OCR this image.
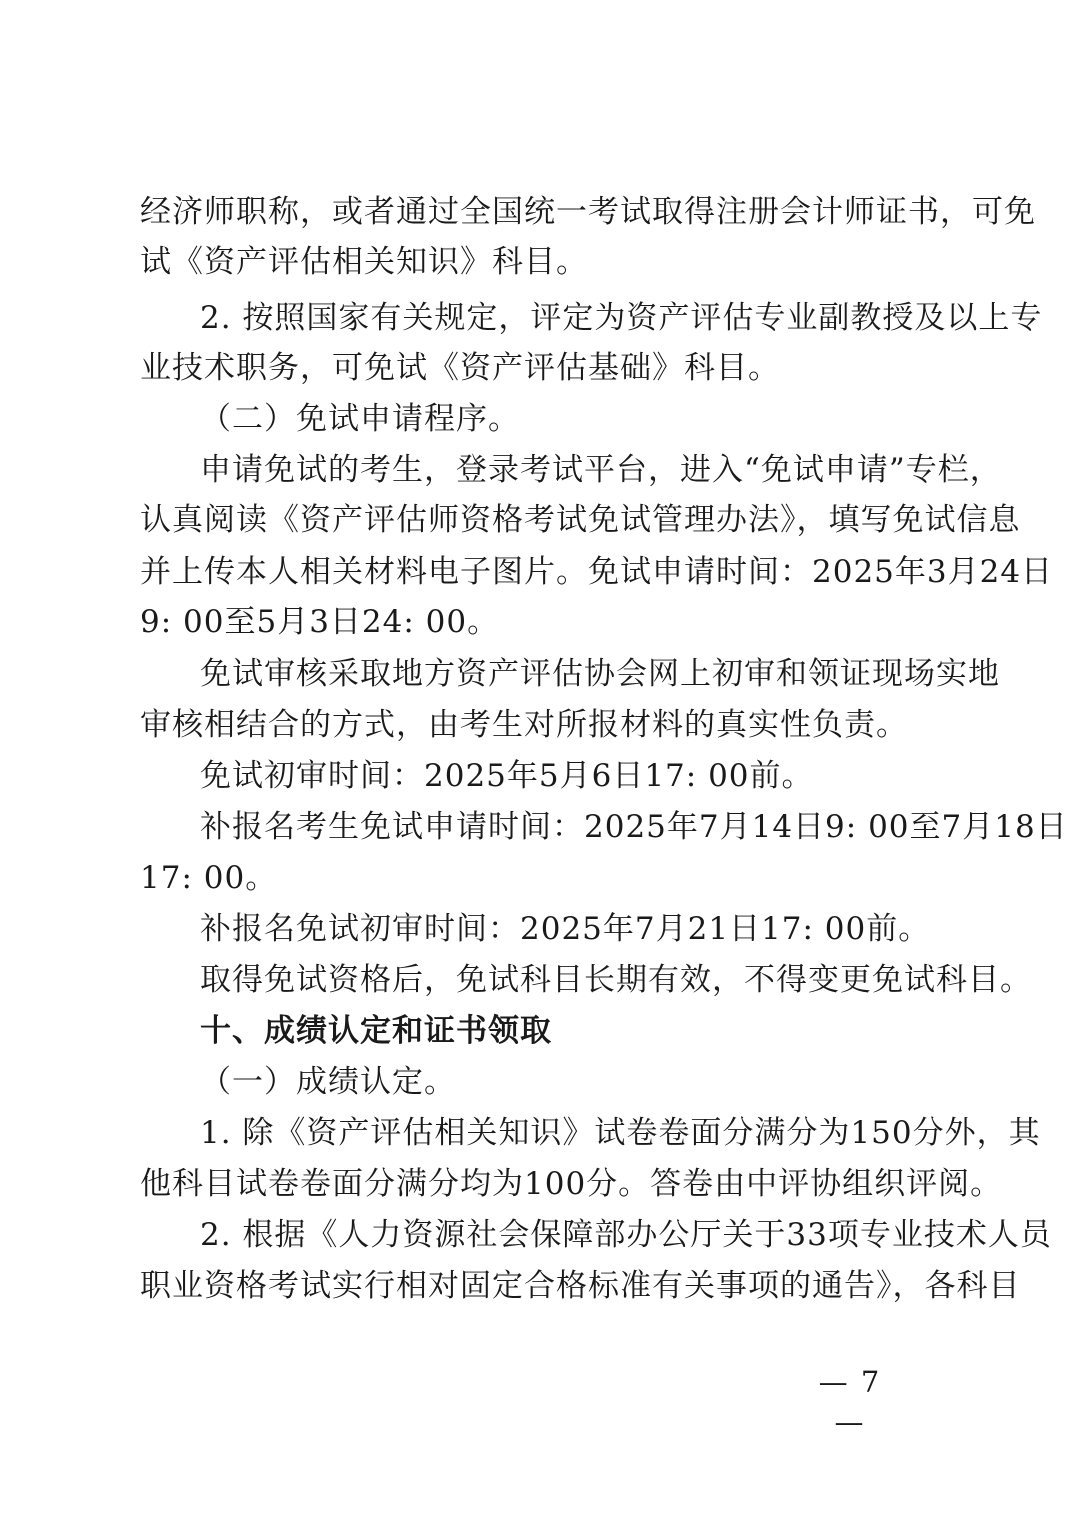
经济师职称，或者通过全国统一考试取得注册会计师证书，可免
试《资产评估相关知识》科目。
2. 按照国家有关规定，评定为资产评估专业副教授及以上专
业技术职务，可免试《资产评估基础》科目。
（二）免试申请程序。
申请免试的考生，登录考试平台，进入“免试申请”专栏，
认真阅读《资产评估师资格考试免试管理办法》，填写免试信息
并上传本人相关材料电子图片。免试申请时间：2025年3月24日
9: 00至5月3日24: 00。
免试审核采取地方资产评估协会网上初审和领证现场实地
审核相结合的方式，由考生对所报材料的真实性负责。
免试初审时间：2025年5月6日17: 00前。
补报名考生免试申请时间：2025年7月14日9: 00至7月18日
17: 00。
补报名免试初审时间：2025年7月21日17: 00前。
取得免试资格后，免试科目长期有效，不得变更免试科目。
十、成绩认定和证书领取
（一）成绩认定。
1. 除《资产评估相关知识》试卷卷面分满分为150分外，其
他科目试卷卷面分满分均为100分。答卷由中评协组织评阅。
2. 根据《人力资源社会保障部办公厅关于33项专业技术人员
职业资格考试实行相对固定合格标准有关事项的通告》，各科目
— 7 —
